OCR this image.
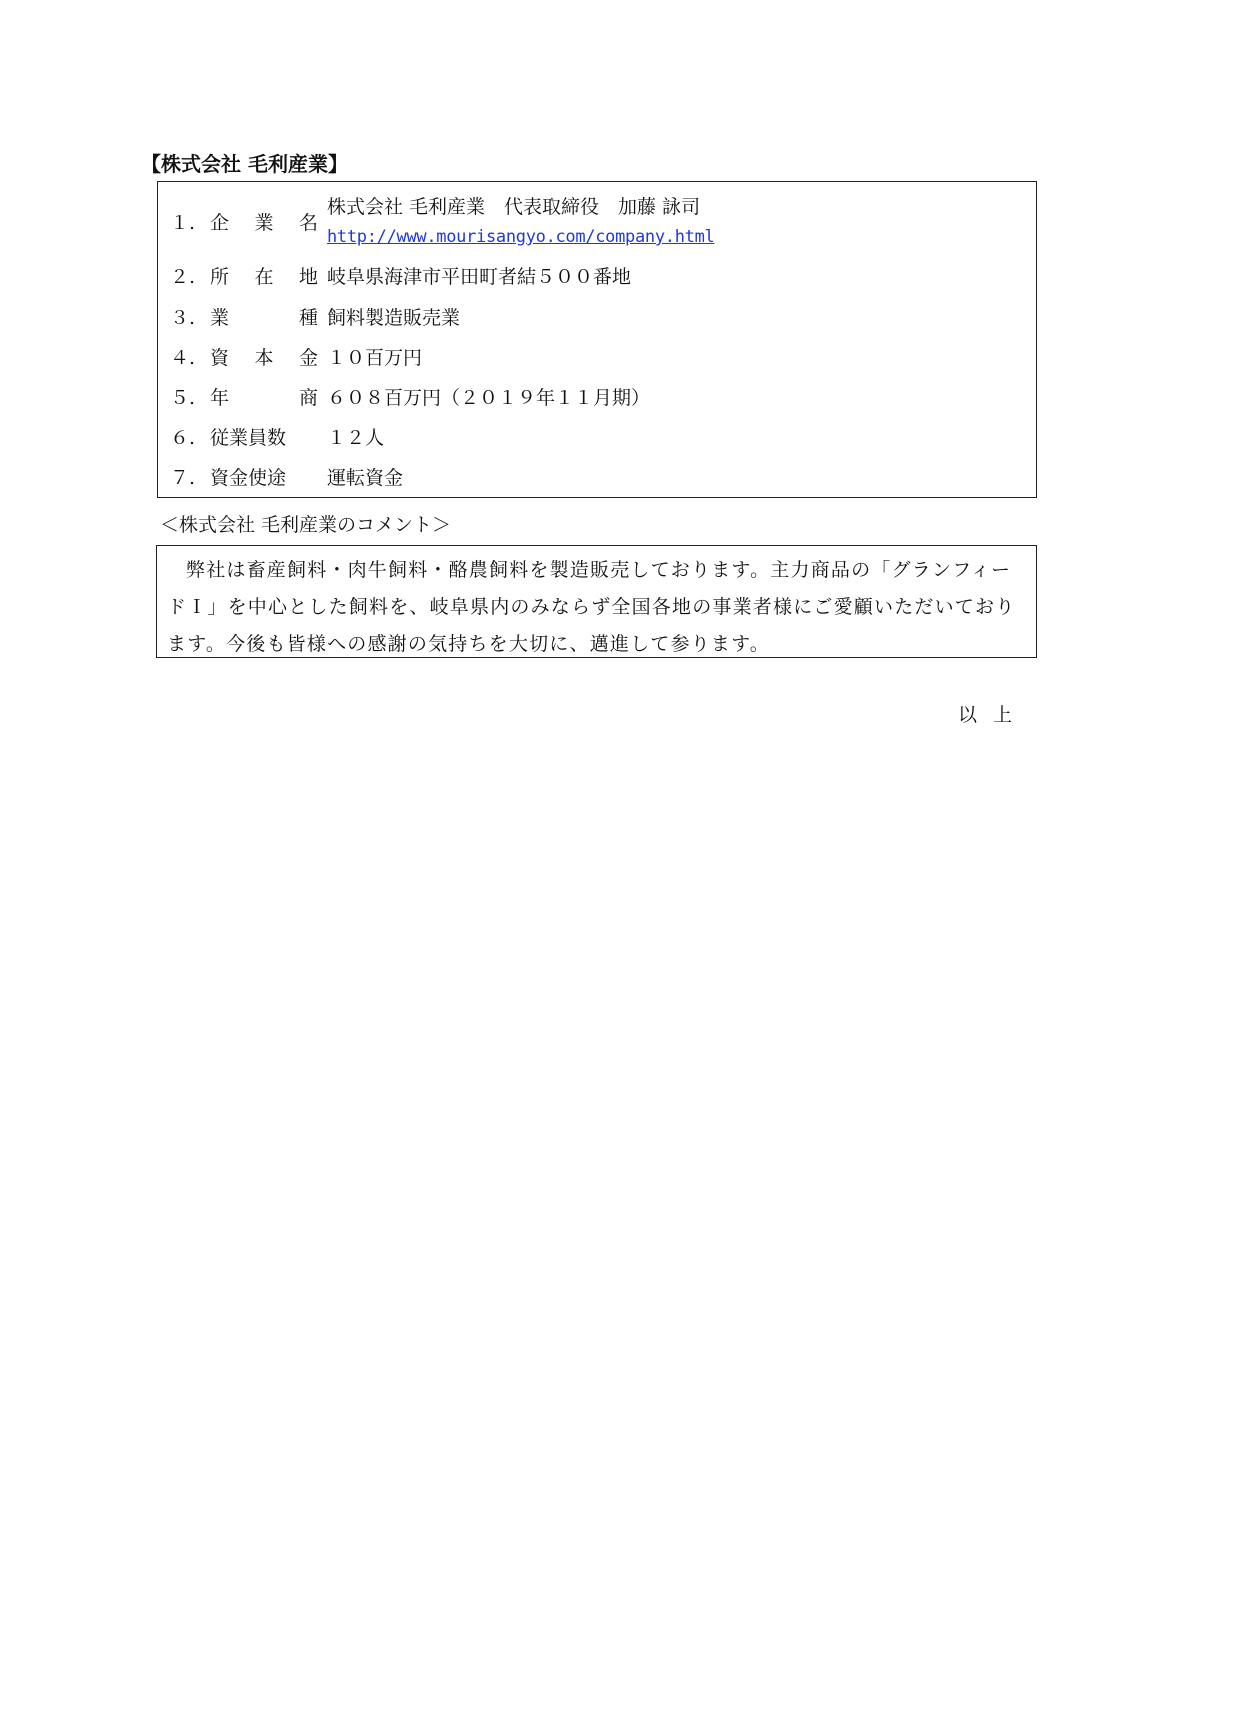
【株式会社 毛利産業】
１. 企 業 名
株式会社 毛利産業　代表取締役　加藤 詠司
http://www.mourisangyo.com/company.html
２. 所 在 地 岐阜県海津市平田町者結５００番地
３. 業	種 飼料製造販売業
４. 資 本 金 １０百万円
５. 年	商 ６０８百万円（２０１９年１１月期）
６. 従業員数 １２人
７. 資金使途 運転資金
＜株式会社 毛利産業のコメント＞

弊社は畜産飼料・肉牛飼料・酪農飼料を製造販売しております。主力商品の「グランフィードＩ」を中心とした飼料を、岐阜県内のみならず全国各地の事業者様にご愛顧いただいております。今後も皆様への感謝の気持ちを大切に、邁進して参ります。

以上
